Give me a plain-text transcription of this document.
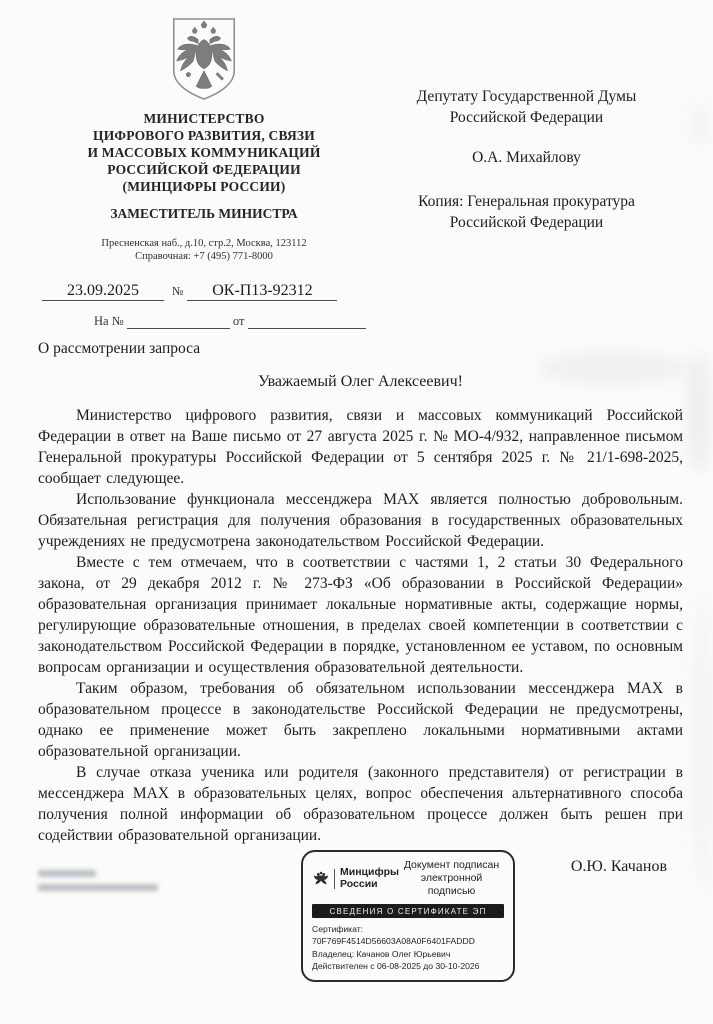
МИНИСТЕРСТВО
ЦИФРОВОГО РАЗВИТИЯ, СВЯЗИ
И МАССОВЫХ КОММУНИКАЦИЙ
РОССИЙСКОЙ ФЕДЕРАЦИИ
(МИНЦИФРЫ РОССИИ)
ЗАМЕСТИТЕЛЬ МИНИСТРА
Пресненская наб., д.10, стр.2, Москва, 123112
Справочная: +7 (495) 771-8000
23.09.2025	№ ОК-П13-92312
На №	от
Депутату Государственной Думы
Российской Федерации
О.А. Михайлову
Копия: Генеральная прокуратура
Российской Федерации
О рассмотрении запроса
Уважаемый Олег Алексеевич!

Министерство цифрового развития, связи и массовых коммуникаций Российской Федерации в ответ на Ваше письмо от 27 августа 2025 г. № МО-4/932, направленное письмом Генеральной прокуратуры Российской Федерации от 5 сентября 2025 г. № 21/1-698-2025, сообщает следующее.

Использование функционала мессенджера МАХ является полностью добровольным. Обязательная регистрация для получения образования в государственных образовательных учреждениях не предусмотрена законодательством Российской Федерации.

Вместе с тем отмечаем, что в соответствии с частями 1, 2 статьи 30 Федерального закона, от 29 декабря 2012 г. № 273-ФЗ «Об образовании в Российской Федерации» образовательная организация принимает локальные нормативные акты, содержащие нормы, регулирующие образовательные отношения, в пределах своей компетенции в соответствии с законодательством Российской Федерации в порядке, установленном ее уставом, по основным вопросам организации и осуществления образовательной деятельности.

Таким образом, требования об обязательном использовании мессенджера МАХ в образовательном процессе в законодательстве Российской Федерации не предусмотрены, однако ее применение может быть закреплено локальными нормативными актами образовательной организации.

В случае отказа ученика или родителя (законного представителя) от регистрации в мессенджера МАХ в образовательных целях, вопрос обеспечения альтернативного способа получения полной информации об образовательном процессе должен быть решен при содействии образовательной организации.

Минцифры
России
Документ подписан
электронной подписью
СВЕДЕНИЯ О СЕРТИФИКАТЕ ЭП
Сертификат: 70F769F4514D56603A08A0F6401FADDD
Владелец: Качанов Олег Юрьевич
Действителен с 06-08-2025 до 30-10-2026
О.Ю. Качанов
